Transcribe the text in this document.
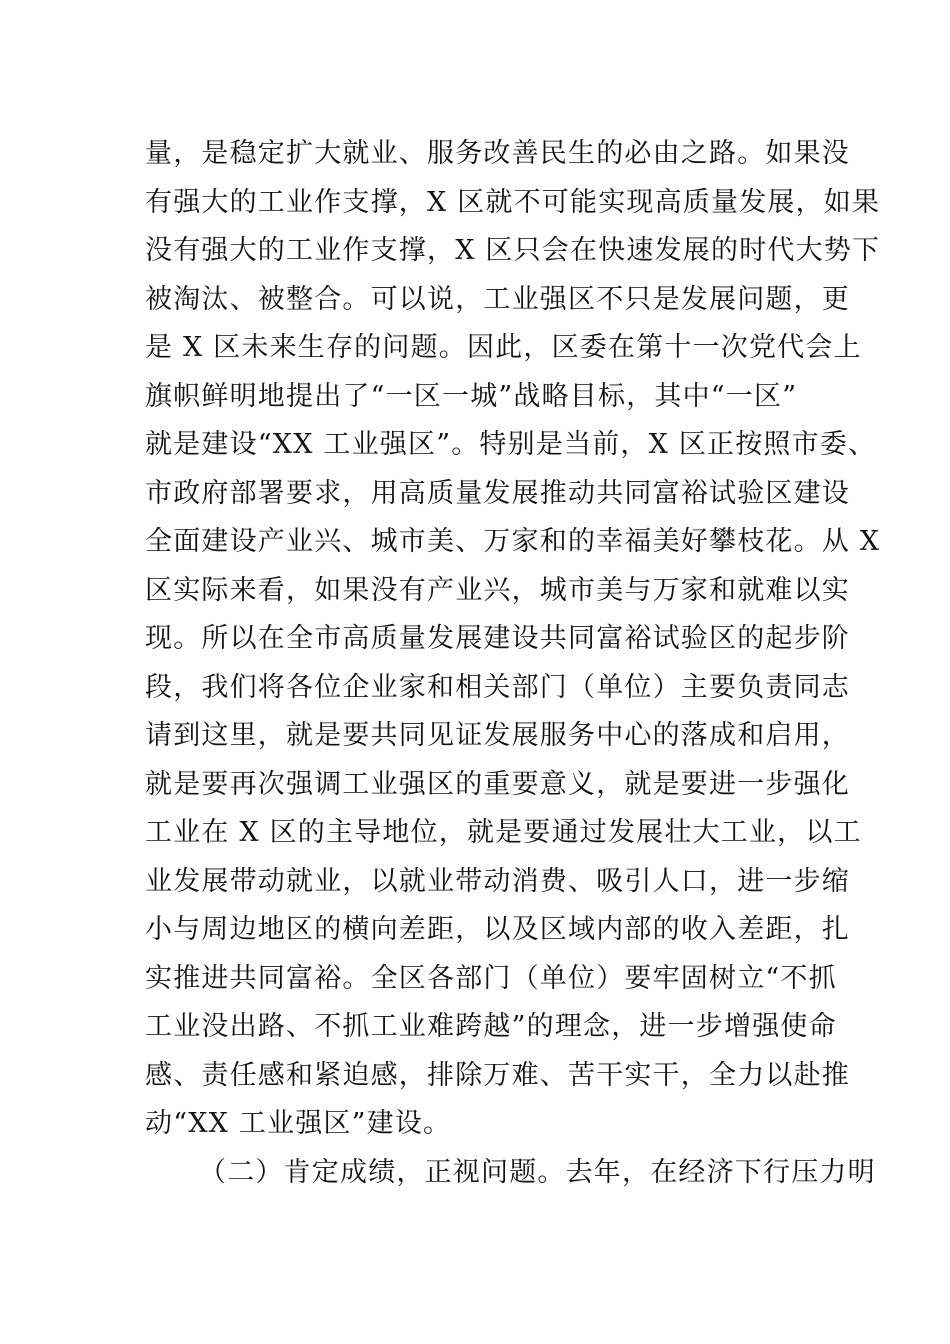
量，是稳定扩大就业、服务改善民生的必由之路。如果没
有强大的工业作支撑，X 区就不可能实现高质量发展，如果
没有强大的工业作支撑，X 区只会在快速发展的时代大势下
被淘汰、被整合。可以说，工业强区不只是发展问题，更
是 X 区未来生存的问题。因此，区委在第十一次党代会上
旗帜鲜明地提出了“一区一城”战略目标，其中“一区”
就是建设“XX 工业强区”。特别是当前，X 区正按照市委、
市政府部署要求，用高质量发展推动共同富裕试验区建设
全面建设产业兴、城市美、万家和的幸福美好攀枝花。从 X
区实际来看，如果没有产业兴，城市美与万家和就难以实
现。所以在全市高质量发展建设共同富裕试验区的起步阶
段，我们将各位企业家和相关部门（单位）主要负责同志
请到这里，就是要共同见证发展服务中心的落成和启用，
就是要再次强调工业强区的重要意义，就是要进一步强化
工业在 X 区的主导地位，就是要通过发展壮大工业，以工
业发展带动就业，以就业带动消费、吸引人口，进一步缩
小与周边地区的横向差距，以及区域内部的收入差距，扎
实推进共同富裕。全区各部门（单位）要牢固树立“不抓
工业没出路、不抓工业难跨越”的理念，进一步增强使命
感、责任感和紧迫感，排除万难、苦干实干，全力以赴推
动“XX 工业强区”建设。
（二）肯定成绩，正视问题。去年，在经济下行压力明
